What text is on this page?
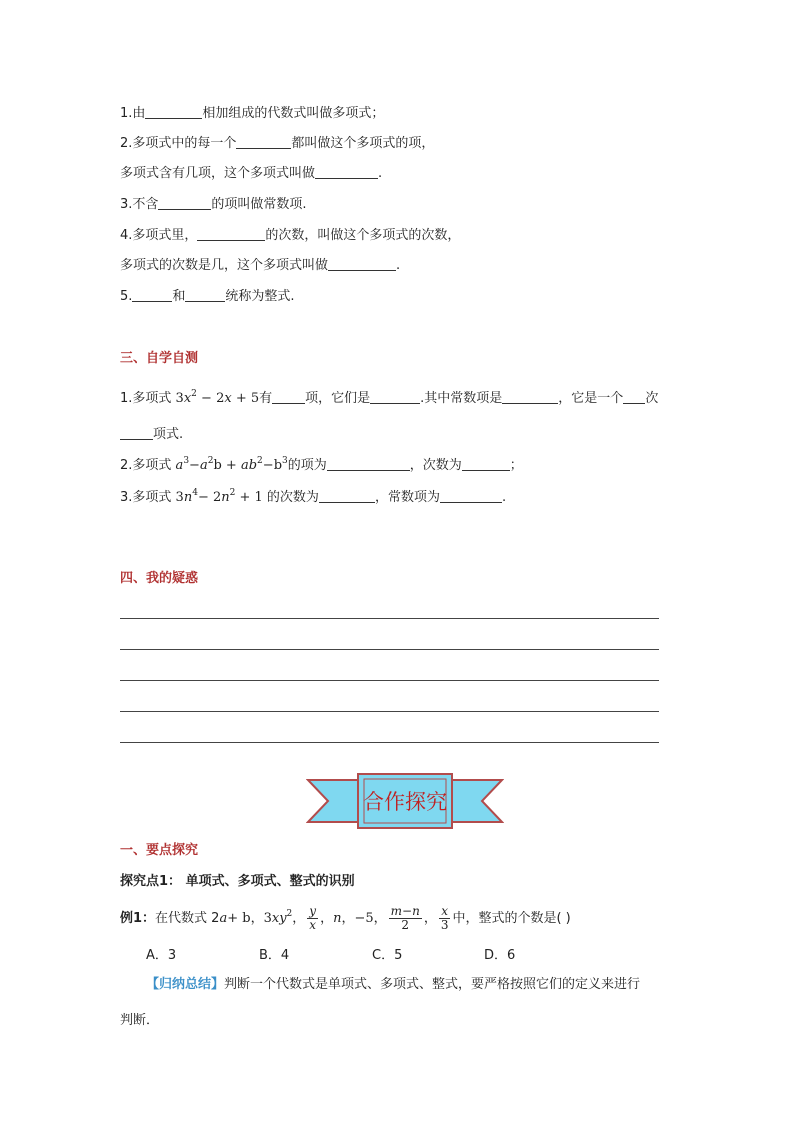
1.由	相加组成的代数式叫做多项式；
2.多项式中的每一个	都叫做这个多项式的项，
多项式含有几项，这个多项式叫做	.
3.不含	的项叫做常数项.
4.多项式里，	的次数，叫做这个多项式的次数，
多项式的次数是几，这个多项式叫做	.
5.	和	统称为整式.
三、自学自测
1.多项式 $3x^2 - 2x + 5$有	项，它们是	.其中常数项是	，它是一个 次
项式.
2.多项式 $a^3-a^2b + ab^2-b^3$的项为	，次数为	；
3.多项式 $3n^4- 2n^2 + 1$ 的次数为	，常数项为	.
四、我的疑惑
合作探究
一、要点探究
探究点1： 单项式、多项式、整式的识别
例1：在代数式 2a+ b，$3xy^2$， $\frac{y}{x}$ ，n，−5， $\frac{m-n}{2}$ ， $\frac{x}{3}$ 中，整式的个数是( )
A．3	B．4	C．5	D．6
【归纳总结】判断一个代数式是单项式、多项式、整式，要严格按照它们的定义来进行
判断．
